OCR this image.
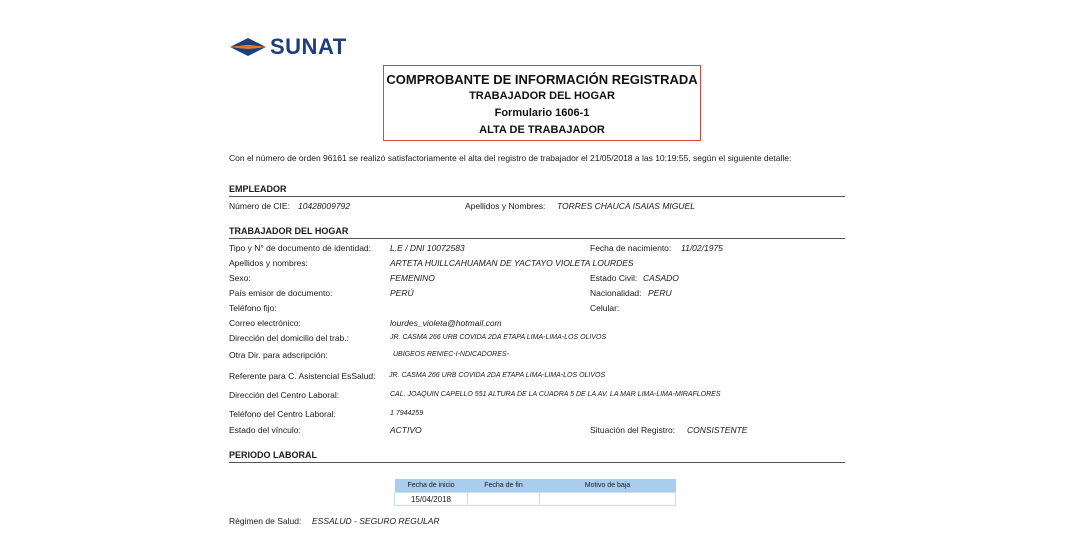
SUNAT
COMPROBANTE DE INFORMACIÓN REGISTRADA
TRABAJADOR DEL HOGAR
Formulario 1606-1
ALTA DE TRABAJADOR
Con el número de orden 96161 se realizó satisfactoriamente el alta del registro de trabajador el 21/05/2018 a las 10:19:55, según el siguiente detalle:
EMPLEADOR
Número de CIE: 10428009792	Apellidos y Nombres: TORRES CHAUCA ISAIAS MIGUEL
TRABAJADOR DEL HOGAR
Tipo y N° de documento de identidad: L.E / DNI 10072583	Fecha de nacimiento: 11/02/1975
Apellidos y nombres:	ARTETA HUILLCAHUAMAN DE YACTAYO VIOLETA LOURDES
Sexo:	FEMENINO	Estado Civil: CASADO
País emisor de documento:	PERÚ	Nacionalidad: PERU
Teléfono fijo:	Celular:
Correo electrónico:	lourdes_violeta@hotmail.com
Dirección del domicilio del trab.:	JR. CASMA 266 URB COVIDA 2DA ETAPA LIMA-LIMA-LOS OLIVOS
Otra Dir. para adscripción:	UBIGEOS RENIEC-I-NDICADORES-
Referente para C. Asistencial EsSalud: JR. CASMA 266 URB COVIDA 2DA ETAPA LIMA-LIMA-LOS OLIVOS
Dirección del Centro Laboral:	CAL. JOAQUIN CAPELLO 551 ALTURA DE LA CUADRA 5 DE LA AV. LA MAR LIMA-LIMA-MIRAFLORES
Teléfono del Centro Laboral:	1 7944259
Estado del vínculo:	ACTIVO	Situación del Registro: CONSISTENTE
PERIODO LABORAL
Fecha de inicio	Fecha de fin	Motivo de baja
15/04/2018		
Régimen de Salud: ESSALUD - SEGURO REGULAR
